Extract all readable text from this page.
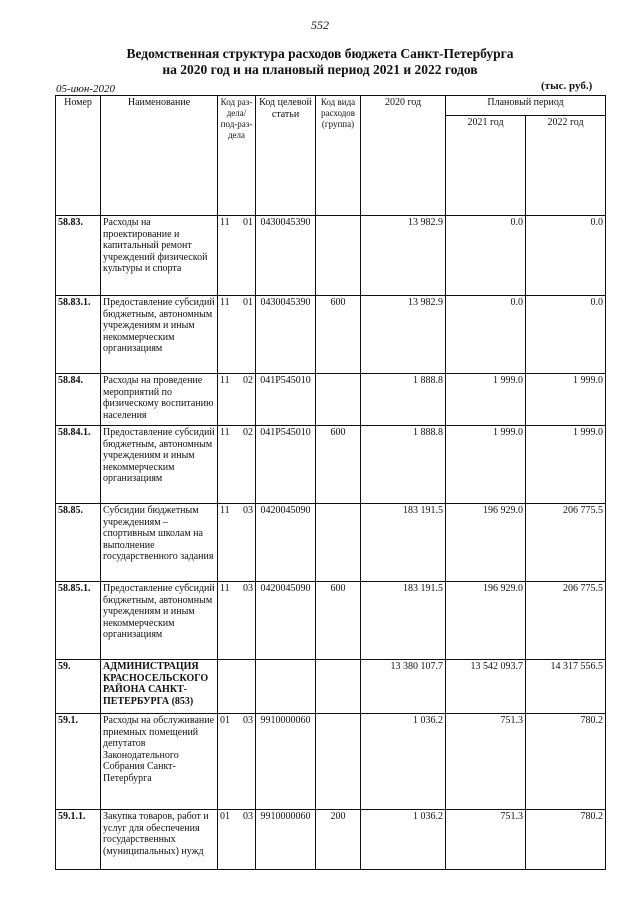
552
Ведомственная структура расходов бюджета Санкт-Петербурга
на 2020 год и на плановый период 2021 и 2022 годов
05-июн-2020	(тыс. руб.)
Номер	Наименование	Код раз-дела/ под-раз-дела		Код целевой статьи	Код вида расходов (группа)	2020 год	Плановый период	
							2021 год	2022 год
58.83.	Расходы на проектирование и капитальный ремонт учреждений физической культуры и спорта	11	01	0430045390		13 982.9	0.0	0.0
58.83.1.	Предоставление субсидий бюджетным, автономным учреждениям и иным некоммерческим организациям	11	01	0430045390	600	13 982.9	0.0	0.0
58.84.	Расходы на проведение мероприятий по физическому воспитанию населения	11	02	041P545010		1 888.8	1 999.0	1 999.0
58.84.1.	Предоставление субсидий бюджетным, автономным учреждениям и иным некоммерческим организациям	11	02	041P545010	600	1 888.8	1 999.0	1 999.0
58.85.	Субсидии бюджетным учреждениям – спортивным школам на выполнение государственного задания	11	03	0420045090		183 191.5	196 929.0	206 775.5
58.85.1.	Предоставление субсидий бюджетным, автономным учреждениям и иным некоммерческим организациям	11	03	0420045090	600	183 191.5	196 929.0	206 775.5
59.	АДМИНИСТРАЦИЯ КРАСНОСЕЛЬСКОГО РАЙОНА САНКТ-ПЕТЕРБУРГА (853)					13 380 107.7	13 542 093.7	14 317 556.5
59.1.	Расходы на обслуживание приемных помещений депутатов Законодательного Собрания Санкт-Петербурга	01	03	9910000060		1 036.2	751.3	780.2
59.1.1.	Закупка товаров, работ и услуг для обеспечения государственных (муниципальных) нужд	01	03	9910000060	200	1 036.2	751.3	780.2
